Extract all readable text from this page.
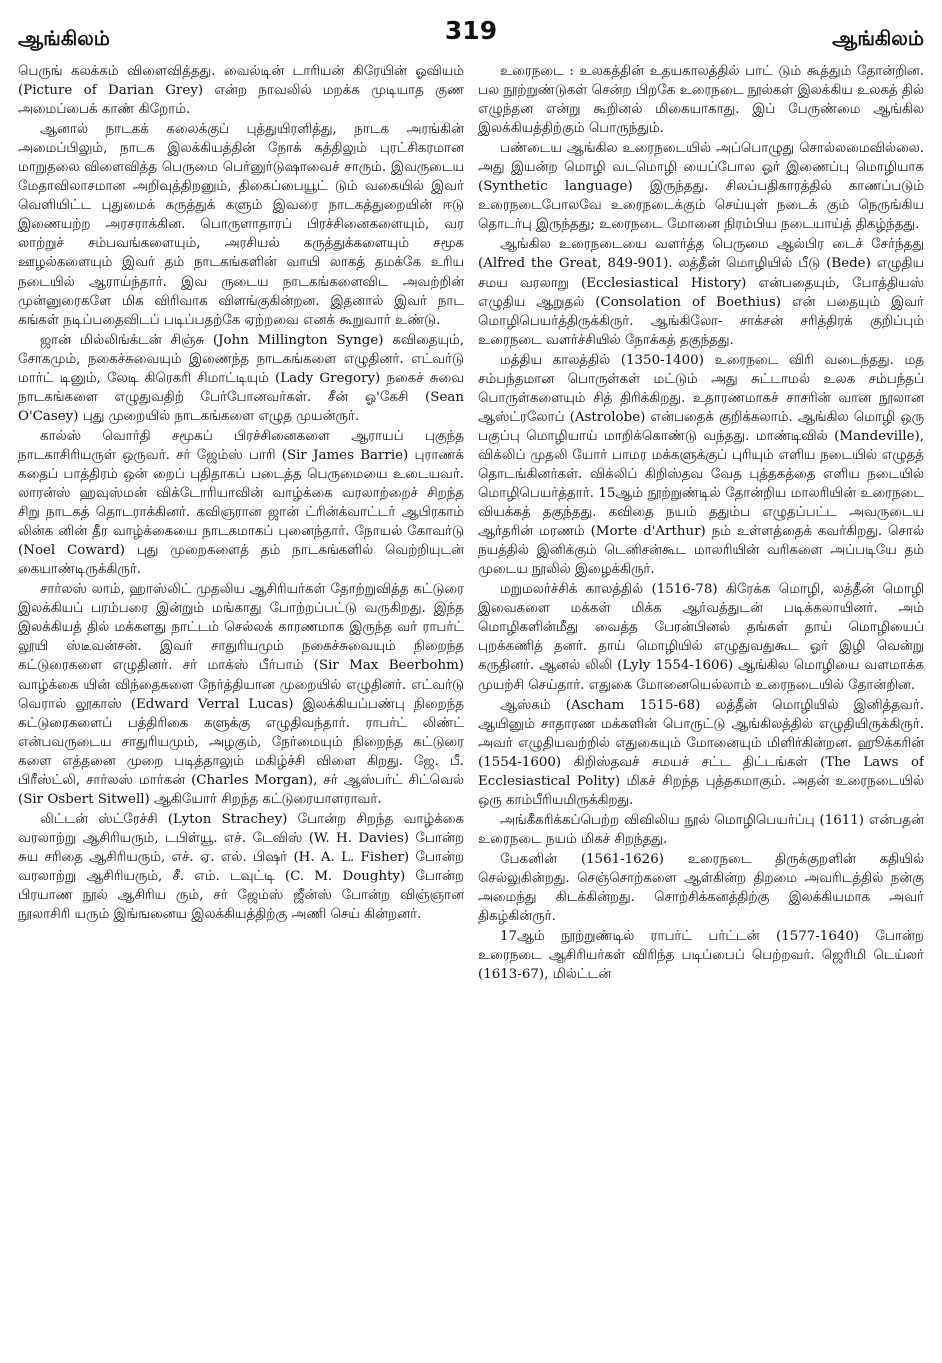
ஆங்கிலம்	319	ஆங்கிலம்

பெருங் கலக்கம் விளைவித்தது. வைல்டின் டாரியன் கிரேயின் ஓவியம் (Picture of Darian Grey) என்ற நாவலில் மறக்க முடியாத குண அமைப்பைக் காண் கிறோம்.

ஆனால் நாடகக் கலைக்குப் புத்துயிரளித்து, நாடக அரங்கின் அமைப்பிலும், நாடக இலக்கியத்தின் நோக் கத்திலும் புரட்சிகரமான மாறுதலை விளைவித்த பெருமை பெர்னுர்டுஷாவைச் சாரும். இவருடைய மேதாவிலாசமான அறிவுத்திறனும், திகைப்பையூட் டும் வகையில் இவர் வெளியிட்ட புதுமைக் கருத்துக் களும் இவரை நாடகத்துறையின் ஈடு இணையற்ற அரசராக்கின. பொருளாதாரப் பிரச்சினைகளையும், வர லாற்றுச் சம்பவங்களையும், அரசியல் கருத்துக்களையும் சமூக ஊழல்களையும் இவர் தம் நாடகங்களின் வாயி லாகத் தமக்கே உரிய நடையில் ஆராய்ந்தார். இவ ருடைய நாடகங்களைவிட அவற்றின் முன்னுரைகளே மிக விரிவாக விளங்குகின்றன. இதனால் இவர் நாட கங்கள் நடிப்பதைவிடப் படிப்பதற்கே ஏற்றவை எனக் கூறுவார் உண்டு.

ஜான் மில்லிங்க்டன் சிஞ்சு (John Millington Synge) கவிதையும், சோகமும், நகைச்சுவையும் இணைந்த நாடகங்களை எழுதினர். எட்வர்டு மார்ட் டினும், லேடி கிரெகரி சிமாட்டியும் (Lady Gregory) நகைச் சுவை நாடகங்களை எழுதுவதிற் பேர்போனவர்கள். சீன் ஓ'கேசி (Sean O'Casey) புது முறையில் நாடகங்களை எழுத முயன்ருர்.

கால்ஸ் வொர்தி சமூகப் பிரச்சினைகளை ஆராயப் புகுந்த நாடகாசிரியருள் ஒருவர். சர் ஜேம்ஸ் பாரி (Sir James Barrie) புராணக் கதைப் பாத்திரம் ஒன் றைப் புதிதாகப் படைத்த பெருமையை உடையவர். லாரன்ஸ் ஹவுஸ்மன் விக்டோரியாவின் வாழ்க்கை வரலாற்றைச் சிறந்த சிறு நாடகத் தொடராக்கினர். கவிஞரான ஜான் ட்ரின்க்வாட்டர் ஆபிரகாம் லின்க னின் தீர வாழ்க்கையை நாடகமாகப் புனைந்தார். நோயல் கோவர்டு (Noel Coward) புது முறைகளைத் தம் நாடகங்களில் வெற்றியுடன் கையாண்டிருக்கிருர்.

சார்லஸ் லாம், ஹாஸ்லிட் முதலிய ஆசிரியர்கள் தோற்றுவித்த கட்டுரை இலக்கியப் பரம்பரை இன்றும் மங்காது போற்றப்பட்டு வருகிறது. இந்த இலக்கியத் தில் மக்களது நாட்டம் செல்லக் காரணமாக இருந்த வர் ராபர்ட் லூயி ஸ்டீவன்சன். இவர் சாதுரியமும் நகைச்சுவையும் நிறைந்த கட்டுரைகளை எழுதினர். சர் மாக்ஸ் பீர்பாம் (Sir Max Beerbohm) வாழ்க்கை யின் விந்தைகளை நேர்த்தியான முறையில் எழுதினர். எட்வர்டு வெரால் லூகாஸ் (Edward Verral Lucas) இலக்கியப்பண்பு நிறைந்த கட்டுரைகளைப் பத்திரிகை களுக்கு எழுதிவந்தார். ராபர்ட் லிண்ட் என்பவருடைய சாதுரியமும், அழகும், நேர்மையும் நிறைந்த கட்டுரை களை எத்தனை முறை படித்தாலும் மகிழ்ச்சி விளை கிறது. ஜே. பீ. பிரீஸ்ட்லி, சார்லஸ் மார்கன் (Charles Morgan), சர் ஆஸ்பர்ட் சிட்வெல் (Sir Osbert Sitwell) ஆகியோர் சிறந்த கட்டுரையாளராவர்.

லிட்டன் ஸ்ட்ரேச்சி (Lyton Strachey) போன்ற சிறந்த வாழ்க்கை வரலாற்று ஆசிரியரும், டபிள்யூ. எச். டேவிஸ் (W. H. Davies) போன்ற சுய சரிதை ஆசிரியரும், எச். ஏ. எல். பிஷர் (H. A. L. Fisher) போன்ற வரலாற்று ஆசிரியரும், சீ. எம். டவுட்டி (C. M. Doughty) போன்ற பிரயாண நூல் ஆசிரிய ரும், சர் ஜேம்ஸ் ஜீன்ஸ் போன்ற விஞ்ஞான நூலாசிரி யரும் இங்ஙனைய இலக்கியத்திற்கு அணி செய் கின்றனர்.

உரைநடை : உலகத்தின் உதயகாலத்தில் பாட் டும் கூத்தும் தோன்றின. பல நூற்றுண்டுகள் சென்ற பிறகே உரைநடை நூல்கள் இலக்கிய உலகத் தில் எழுந்தன என்று கூறினல் மிகையாகாது. இப் பேருண்மை ஆங்கில இலக்கியத்திற்கும் பொருந்தும்.

பண்டைய ஆங்கில உரைநடையில் அப்பொழுது சொல்லமைவில்லை. அது இயன்ற மொழி வடமொழி யைப்போல ஓர் இணைப்பு மொழியாக (Synthetic language) இருந்தது. சிலப்பதிகாரத்தில் காணப்படும் உரைநடைபோலவே உரைநடைக்கும் செய்யுள் நடைக் கும் நெருங்கிய தொடர்பு இருந்தது; உரைநடை மோனை நிரம்பிய நடையாய்த் திகழ்ந்தது.

ஆங்கில உரைநடையை வளர்த்த பெருமை ஆல்பிர டைச் சேர்ந்தது (Alfred the Great, 849-901). லத்தீன் மொழியில் பீடு (Bede) எழுதிய சமய வரலாறு (Ecclesiastical History) என்பதையும், போத்தியஸ் எழுதிய ஆறுதல் (Consolation of Boethius) என் பதையும் இவர் மொழிபெயர்த்திருக்கிருர். ஆங்கிலோ- சாக்சன் சரித்திரக் குறிப்பும் உரைநடை வளர்ச்சியில் நோக்கத் தகுந்தது.

மத்திய காலத்தில் (1350-1400) உரைநடை விரி வடைந்தது. மத சம்பந்தமான பொருள்கள் மட்டும் அது சுட்டாமல் உலக சம்பந்தப் பொருள்களையும் சித் திரிக்கிறது. உதாரணமாகச் சாசரின் வான நூலான ஆஸ்ட்ரலோப் (Astrolobe) என்பதைக் குறிக்கலாம். ஆங்கில மொழி ஒரு பகுப்பு மொழியாய் மாறிக்கொண்டு வந்தது. மாண்டிவில் (Mandeville), விக்லிப் முதலி யோர் பாமர மக்களுக்குப் புரியும் எளிய நடையில் எழுதத் தொடங்கினர்கள். விக்லிப் கிறிஸ்தவ வேத புத்தகத்தை எளிய நடையில் மொழிபெயர்த்தார். 15ஆம் நூற்றுண்டில் தோன்றிய மாலரியின் உரைநடை வியக்கத் தகுந்தது. கவிதை நயம் ததும்ப எழுதப்பட்ட அவருடைய ஆர்தரின் மரணம் (Morte d'Arthur) நம் உள்ளத்தைக் கவர்கிறது. சொல் நயத்தில் இனிக்கும் டெனிசன்கூட மாலரியின் வரிகளை அப்படியே தம் முடைய நூலில் இழைக்கிருர்.

மறுமலர்ச்சிக் காலத்தில் (1516-78) கிரேக்க மொழி, லத்தீன் மொழி இவைகளை மக்கள் மிக்க ஆர்வத்துடன் படிக்கலாயினர். அம் மொழிகளின்மீது வைத்த பேரன்பினல் தங்கள் தாய் மொழியைப் புறக்கணித் தனர். தாய் மொழியில் எழுதுவதுகூட ஓர் இழி வென்று கருதினர். ஆனல் லிலி (Lyly 1554-1606) ஆங்கில மொழியை வளமாக்க முயற்சி செய்தார். எதுகை மோனையெல்லாம் உரைநடையில் தோன்றின.

ஆஸ்கம் (Ascham 1515-68) லத்தீன் மொழியில் இனித்தவர். ஆயினும் சாதாரண மக்களின் பொருட்டு ஆங்கிலத்தில் எழுதியிருக்கிருர். அவர் எழுதியவற்றில் எதுகையும் மோனையும் மிளிர்கின்றன. ஹூக்கரின் (1554-1600) கிறிஸ்தவச் சமயச் சட்ட திட்டங்கள் (The Laws of Ecclesiastical Polity) மிகச் சிறந்த புத்தகமாகும். அதன் உரைநடையில் ஒரு காம்பீரியமிருக்கிறது.

அங்கீகரிக்கப்பெற்ற விவிலிய நூல் மொழிபெயர்ப்பு (1611) என்பதன் உரைநடை நயம் மிகச் சிறந்தது.

பேகனின் (1561-1626) உரைநடை திருக்குறளின் கதியில் செல்லுகின்றது. செஞ்சொற்களை ஆள்கின்ற திறமை அவரிடத்தில் நன்கு அமைந்து கிடக்கின்றது. சொற்சிக்கனத்திற்கு இலக்கியமாக அவர் திகழ்கின்ருர்.

17ஆம் நூற்றுண்டில் ராபர்ட் பர்ட்டன் (1577-1640) போன்ற உரைநடை ஆசிரியர்கள் விரிந்த படிப்பைப் பெற்றவர். ஜெரிமி டெய்லர் (1613-67), மில்ட்டன்
